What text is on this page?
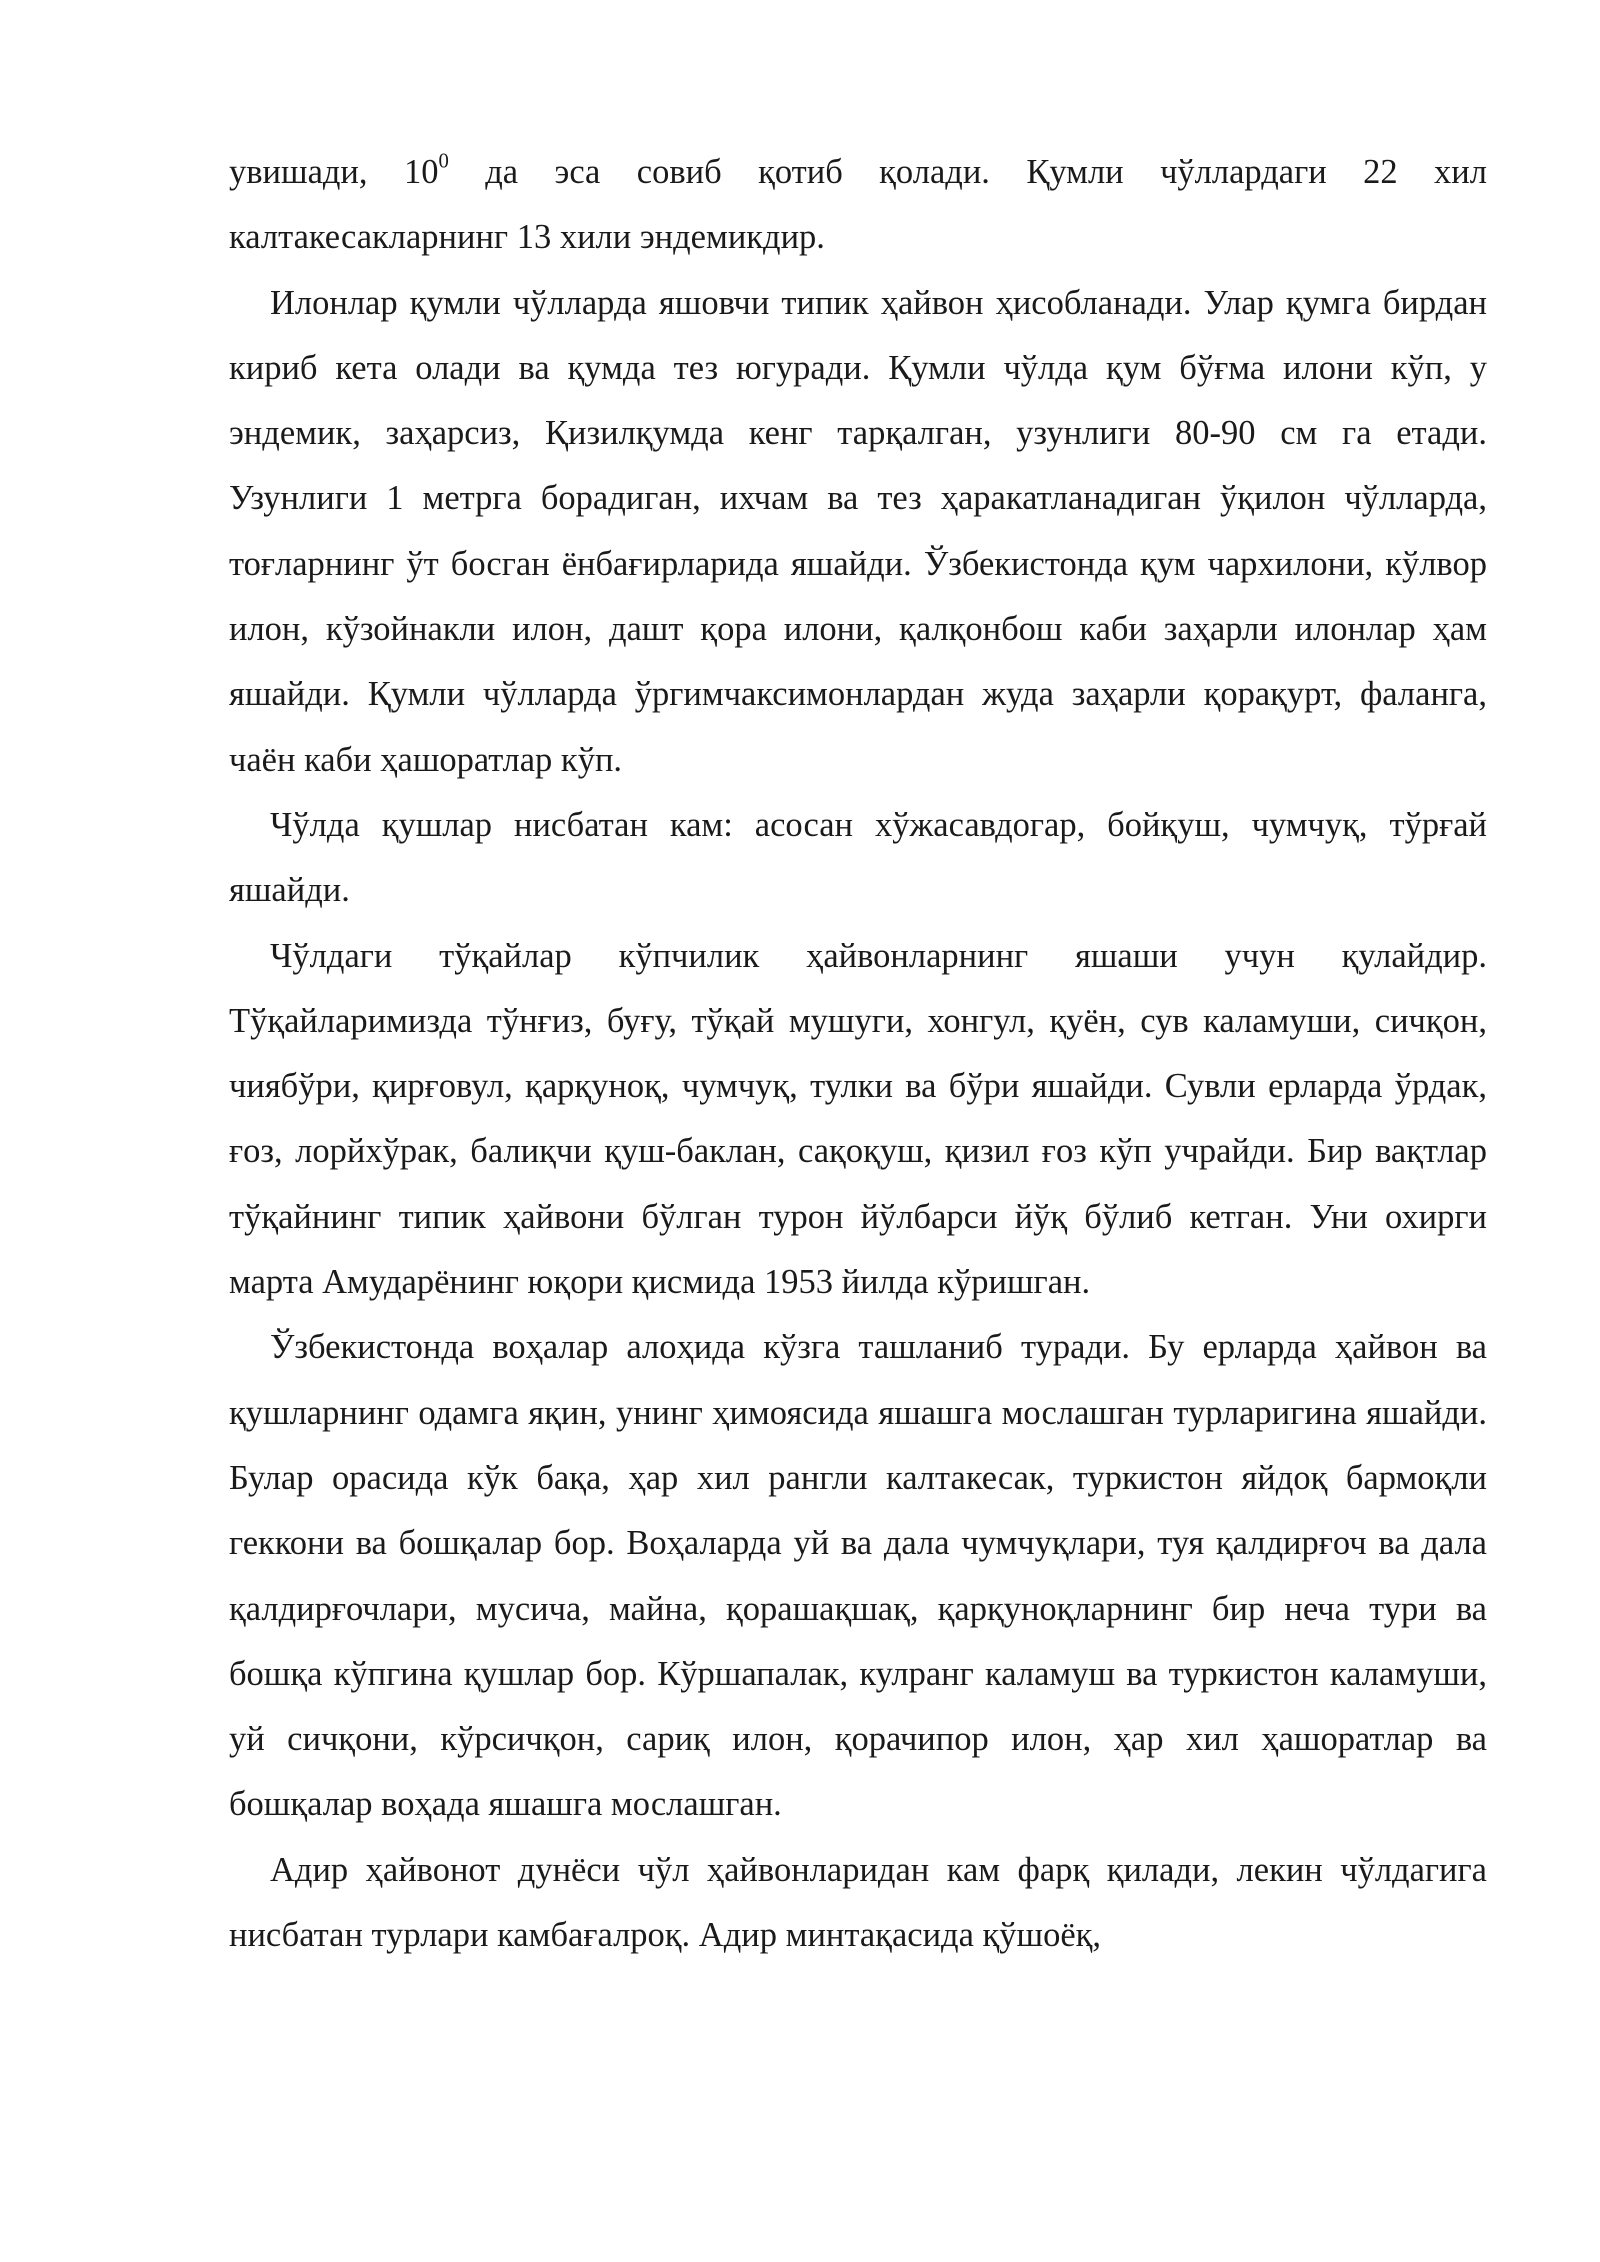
увишади, $10^0$ да эса совиб қотиб қолади. Қумли чўллардаги 22 хил калтакесакларнинг 13 хили эндемикдир.

Илонлар қумли чўлларда яшовчи типик ҳайвон ҳисобланади. Улар қумга бирдан кириб кета олади ва қумда тез югуради. Қумли чўлда қум бўғма илони кўп, у эндемик, заҳарсиз, Қизилқумда кенг тарқалган, узунлиги 80-90 см га етади. Узунлиги 1 метрга борадиган, ихчам ва тез ҳаракатланадиган ўқилон чўлларда, тоғларнинг ўт босган ёнбағирларида яшайди. Ўзбекистонда қум чархилони, кўлвор илон, кўзойнакли илон, дашт қора илони, қалқонбош каби заҳарли илонлар ҳам яшайди. Қумли чўлларда ўргимчаксимонлардан жуда заҳарли қорақурт, фаланга, чаён каби ҳашоратлар кўп.

Чўлда қушлар нисбатан кам: асосан хўжасавдогар, бойқуш, чумчуқ, тўрғай яшайди.

Чўлдаги тўқайлар кўпчилик ҳайвонларнинг яшаши учун қулайдир. Тўқайларимизда тўнғиз, буғу, тўқай мушуги, хонгул, қуён, сув каламуши, сичқон, чиябўри, қирғовул, қарқуноқ, чумчуқ, тулки ва бўри яшайди. Сувли ерларда ўрдак, ғоз, лорйхўрак, балиқчи қуш-баклан, сақоқуш, қизил ғоз кўп учрайди. Бир вақтлар тўқайнинг типик ҳайвони бўлган турон йўлбарси йўқ бўлиб кетган. Уни охирги марта Амударёнинг юқори қисмида 1953 йилда кўришган.

Ўзбекистонда воҳалар алоҳида кўзга ташланиб туради. Бу ерларда ҳайвон ва қушларнинг одамга яқин, унинг ҳимоясида яшашга мослашган турларигина яшайди. Булар орасида кўк бақа, ҳар хил рангли калтакесак, туркистон яйдоқ бармоқли геккони ва бошқалар бор. Воҳаларда уй ва дала чумчуқлари, туя қалдирғоч ва дала қалдирғочлари, мусича, майна, қорашақшақ, қарқуноқларнинг бир неча тури ва бошқа кўпгина қушлар бор. Кўршапалак, кулранг каламуш ва туркистон каламуши, уй сичқони, кўрсичқон, сариқ илон, қорачипор илон, ҳар хил ҳашоратлар ва бошқалар воҳада яшашга мослашган.

Адир ҳайвонот дунёси чўл ҳайвонларидан кам фарқ қилади, лекин чўлдагига нисбатан турлари камбағалроқ. Адир минтақасида қўшоёқ,
